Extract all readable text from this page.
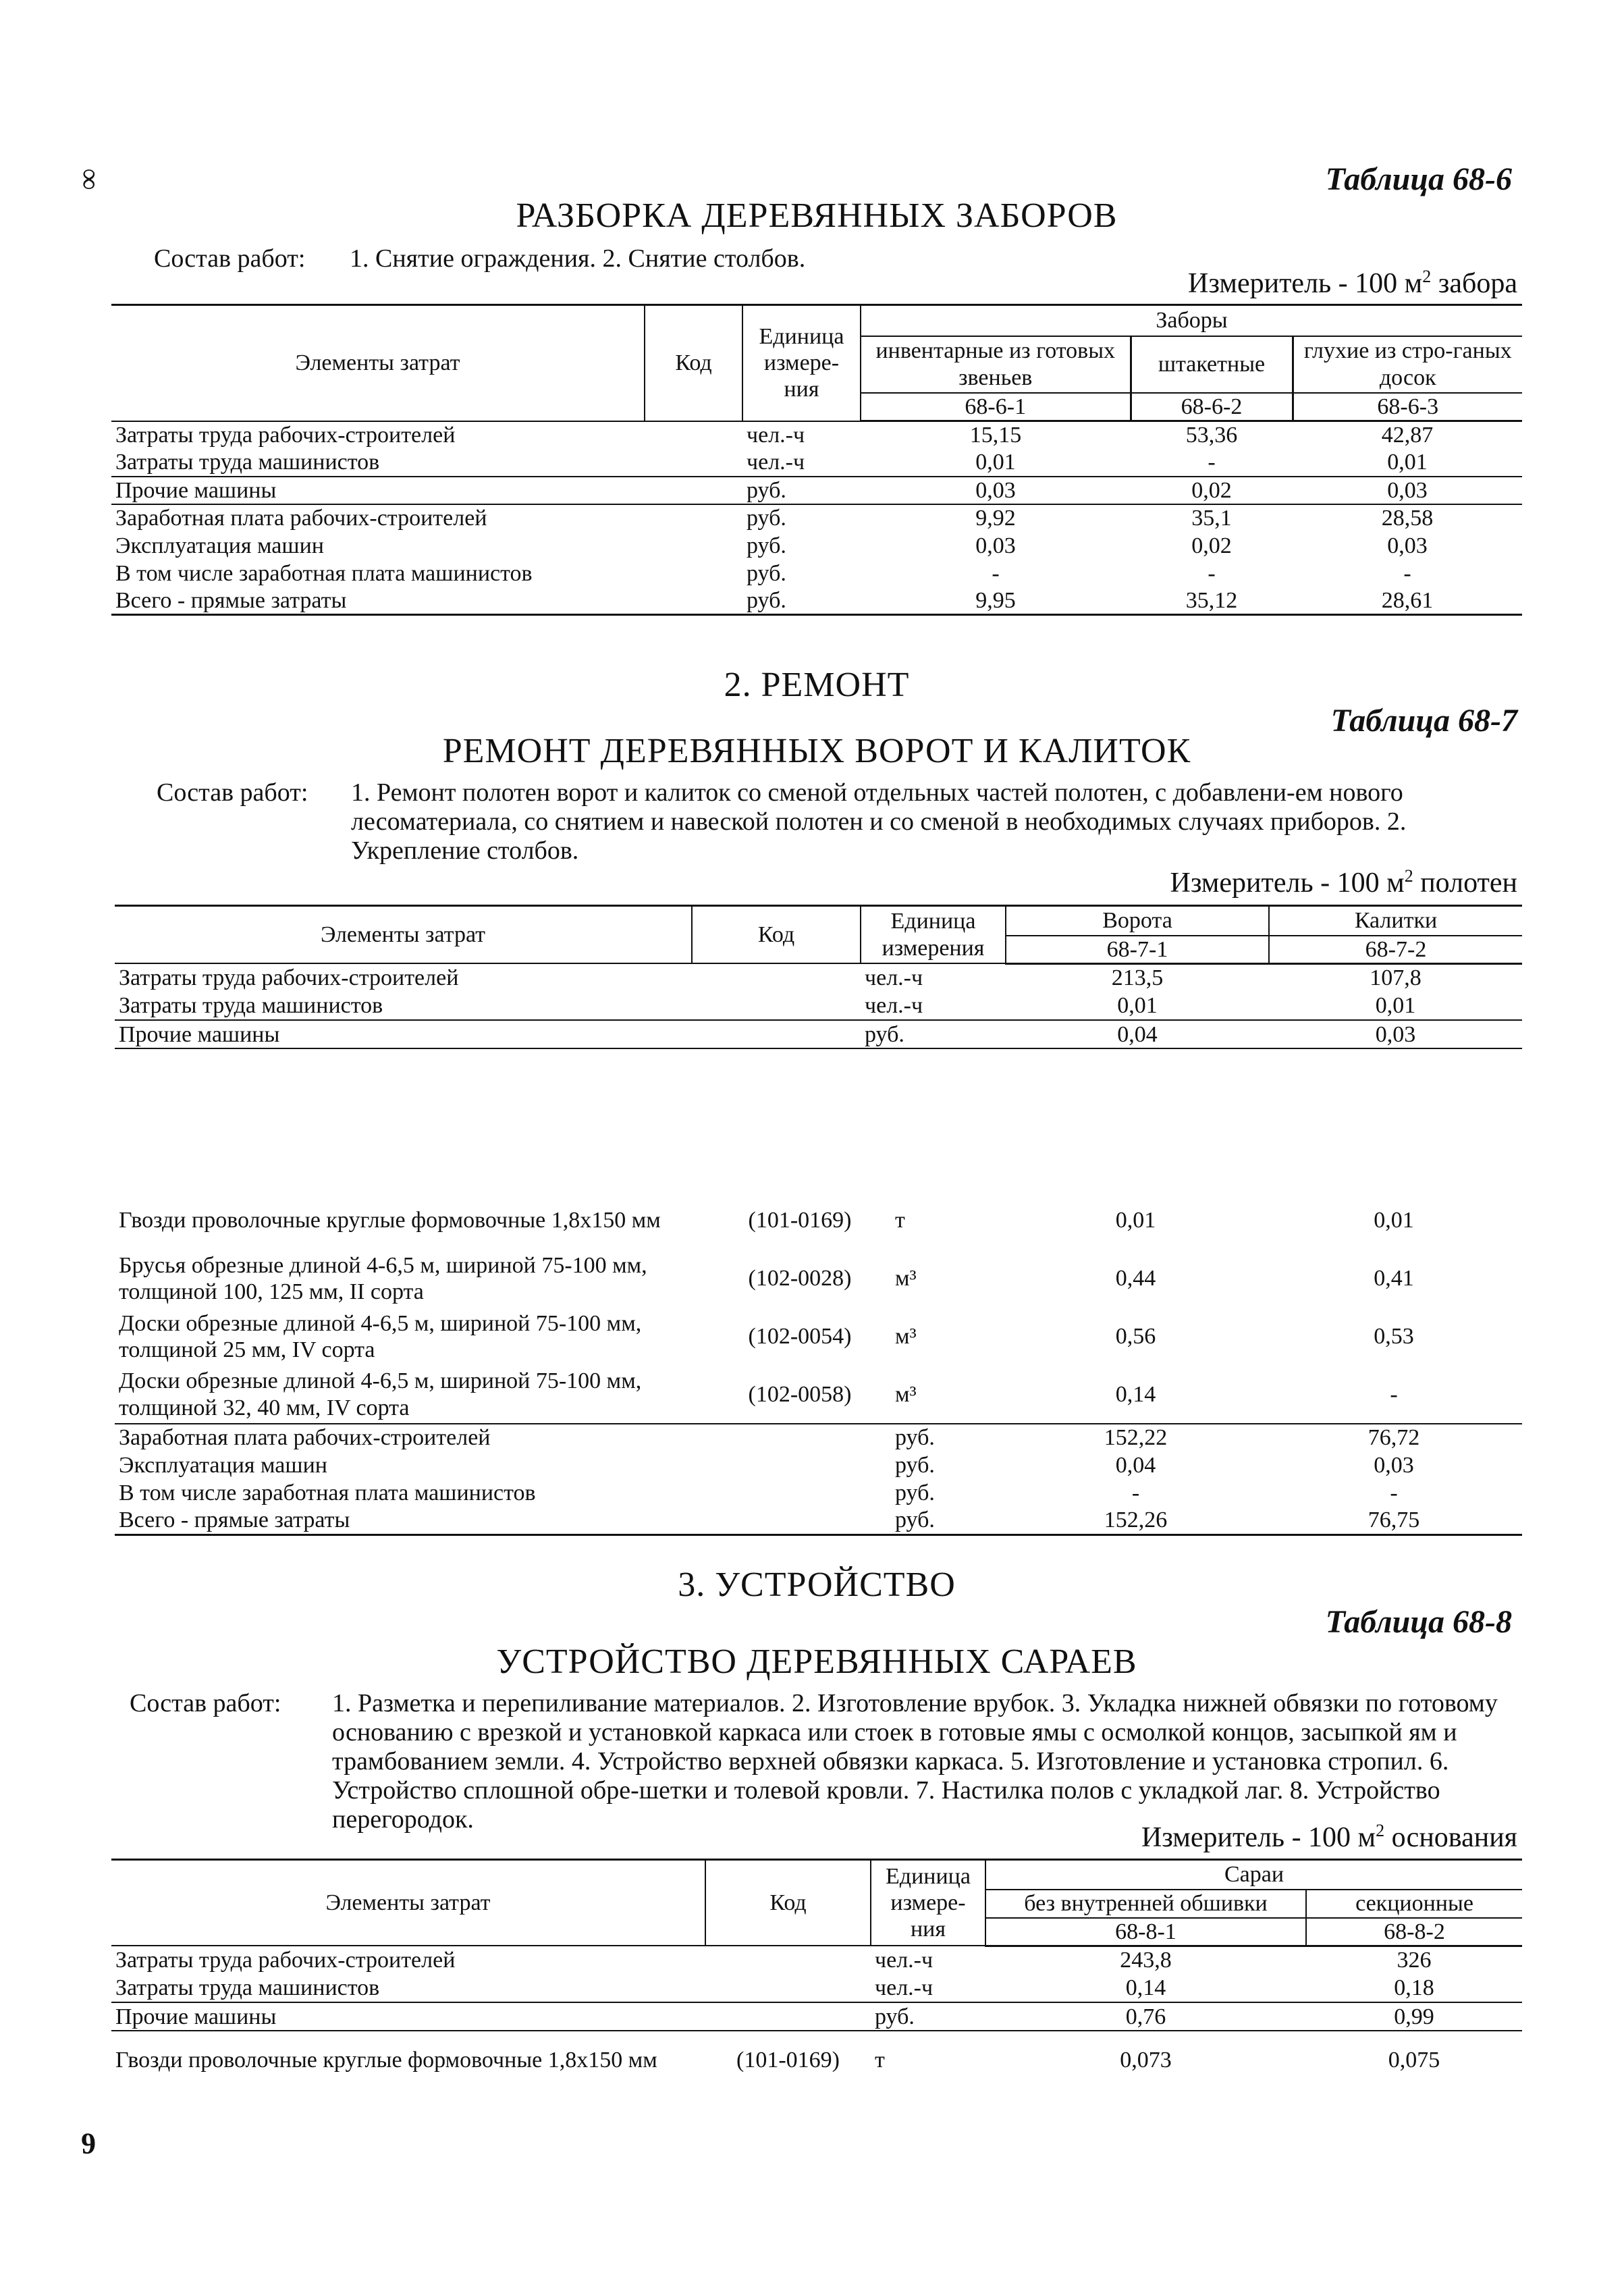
∞
6
Таблица 68-6
РАЗБОРКА ДЕРЕВЯННЫХ ЗАБОРОВ
Состав работ: 1. Снятие ограждения. 2. Снятие столбов.
Измеритель - 100 $м^2$ забора
Элементы затрат	Код	Единица измере-ния	Заборы		
			инвентарные из готовых звеньев	штакетные	глухие из стро-ганых досок
			68-6-1	68-6-2	68-6-3
Затраты труда рабочих-строителей		чел.-ч	15,15	53,36	42,87
Затраты труда машинистов		чел.-ч	0,01	-	0,01
Прочие машины		руб.	0,03	0,02	0,03
Заработная плата рабочих-строителей		руб.	9,92	35,1	28,58
Эксплуатация машин		руб.	0,03	0,02	0,03
В том числе заработная плата машинистов		руб.	-	-	-
Всего - прямые затраты		руб.	9,95	35,12	28,61
2. РЕМОНТ
Таблица 68-7
РЕМОНТ ДЕРЕВЯННЫХ ВОРОТ И КАЛИТОК
Состав работ: 1. Ремонт полотен ворот и калиток со сменой отдельных частей полотен, с добавлени-ем нового лесоматериала, со снятием и навеской полотен и со сменой в необходимых случаях приборов. 2. Укрепление столбов.
Измеритель - 100 $м^2$ полотен
Элементы затрат	Код	Единица измерения	Ворота	Калитки
			68-7-1	68-7-2
Затраты труда рабочих-строителей		чел.-ч	213,5	107,8
Затраты труда машинистов		чел.-ч	0,01	0,01
Прочие машины		руб.	0,04	0,03
Гвозди проволочные круглые формовочные 1,8х150 мм	(101-0169)	т	0,01	0,01
Брусья обрезные длиной 4-6,5 м, шириной 75-100 мм, толщиной 100, 125 мм, II сорта	(102-0028)	м³	0,44	0,41
Доски обрезные длиной 4-6,5 м, шириной 75-100 мм, толщиной 25 мм, IV сорта	(102-0054)	м³	0,56	0,53
Доски обрезные длиной 4-6,5 м, шириной 75-100 мм, толщиной 32, 40 мм, IV сорта	(102-0058)	м³	0,14	-
Заработная плата рабочих-строителей		руб.	152,22	76,72
Эксплуатация машин		руб.	0,04	0,03
В том числе заработная плата машинистов		руб.	-	-
Всего - прямые затраты		руб.	152,26	76,75
3. УСТРОЙСТВО
Таблица 68-8
УСТРОЙСТВО ДЕРЕВЯННЫХ САРАЕВ
Состав работ: 1. Разметка и перепиливание материалов. 2. Изготовление врубок. 3. Укладка нижней обвязки по готовому основанию с врезкой и установкой каркаса или стоек в готовые ямы с осмолкой концов, засыпкой ям и трамбованием земли. 4. Устройство верхней обвязки каркаса. 5. Изготовление и установка стропил. 6. Устройство сплошной обре-шетки и толевой кровли. 7. Настилка полов с укладкой лаг. 8. Устройство перегородок.
Измеритель - 100 $м^2$ основания
Элементы затрат	Код	Единица измере-ния	Сараи	
			без внутренней обшивки	секционные
			68-8-1	68-8-2
Затраты труда рабочих-строителей		чел.-ч	243,8	326
Затраты труда машинистов		чел.-ч	0,14	0,18
Прочие машины		руб.	0,76	0,99
Гвозди проволочные круглые формовочные 1,8х150 мм	(101-0169)	т	0,073	0,075
